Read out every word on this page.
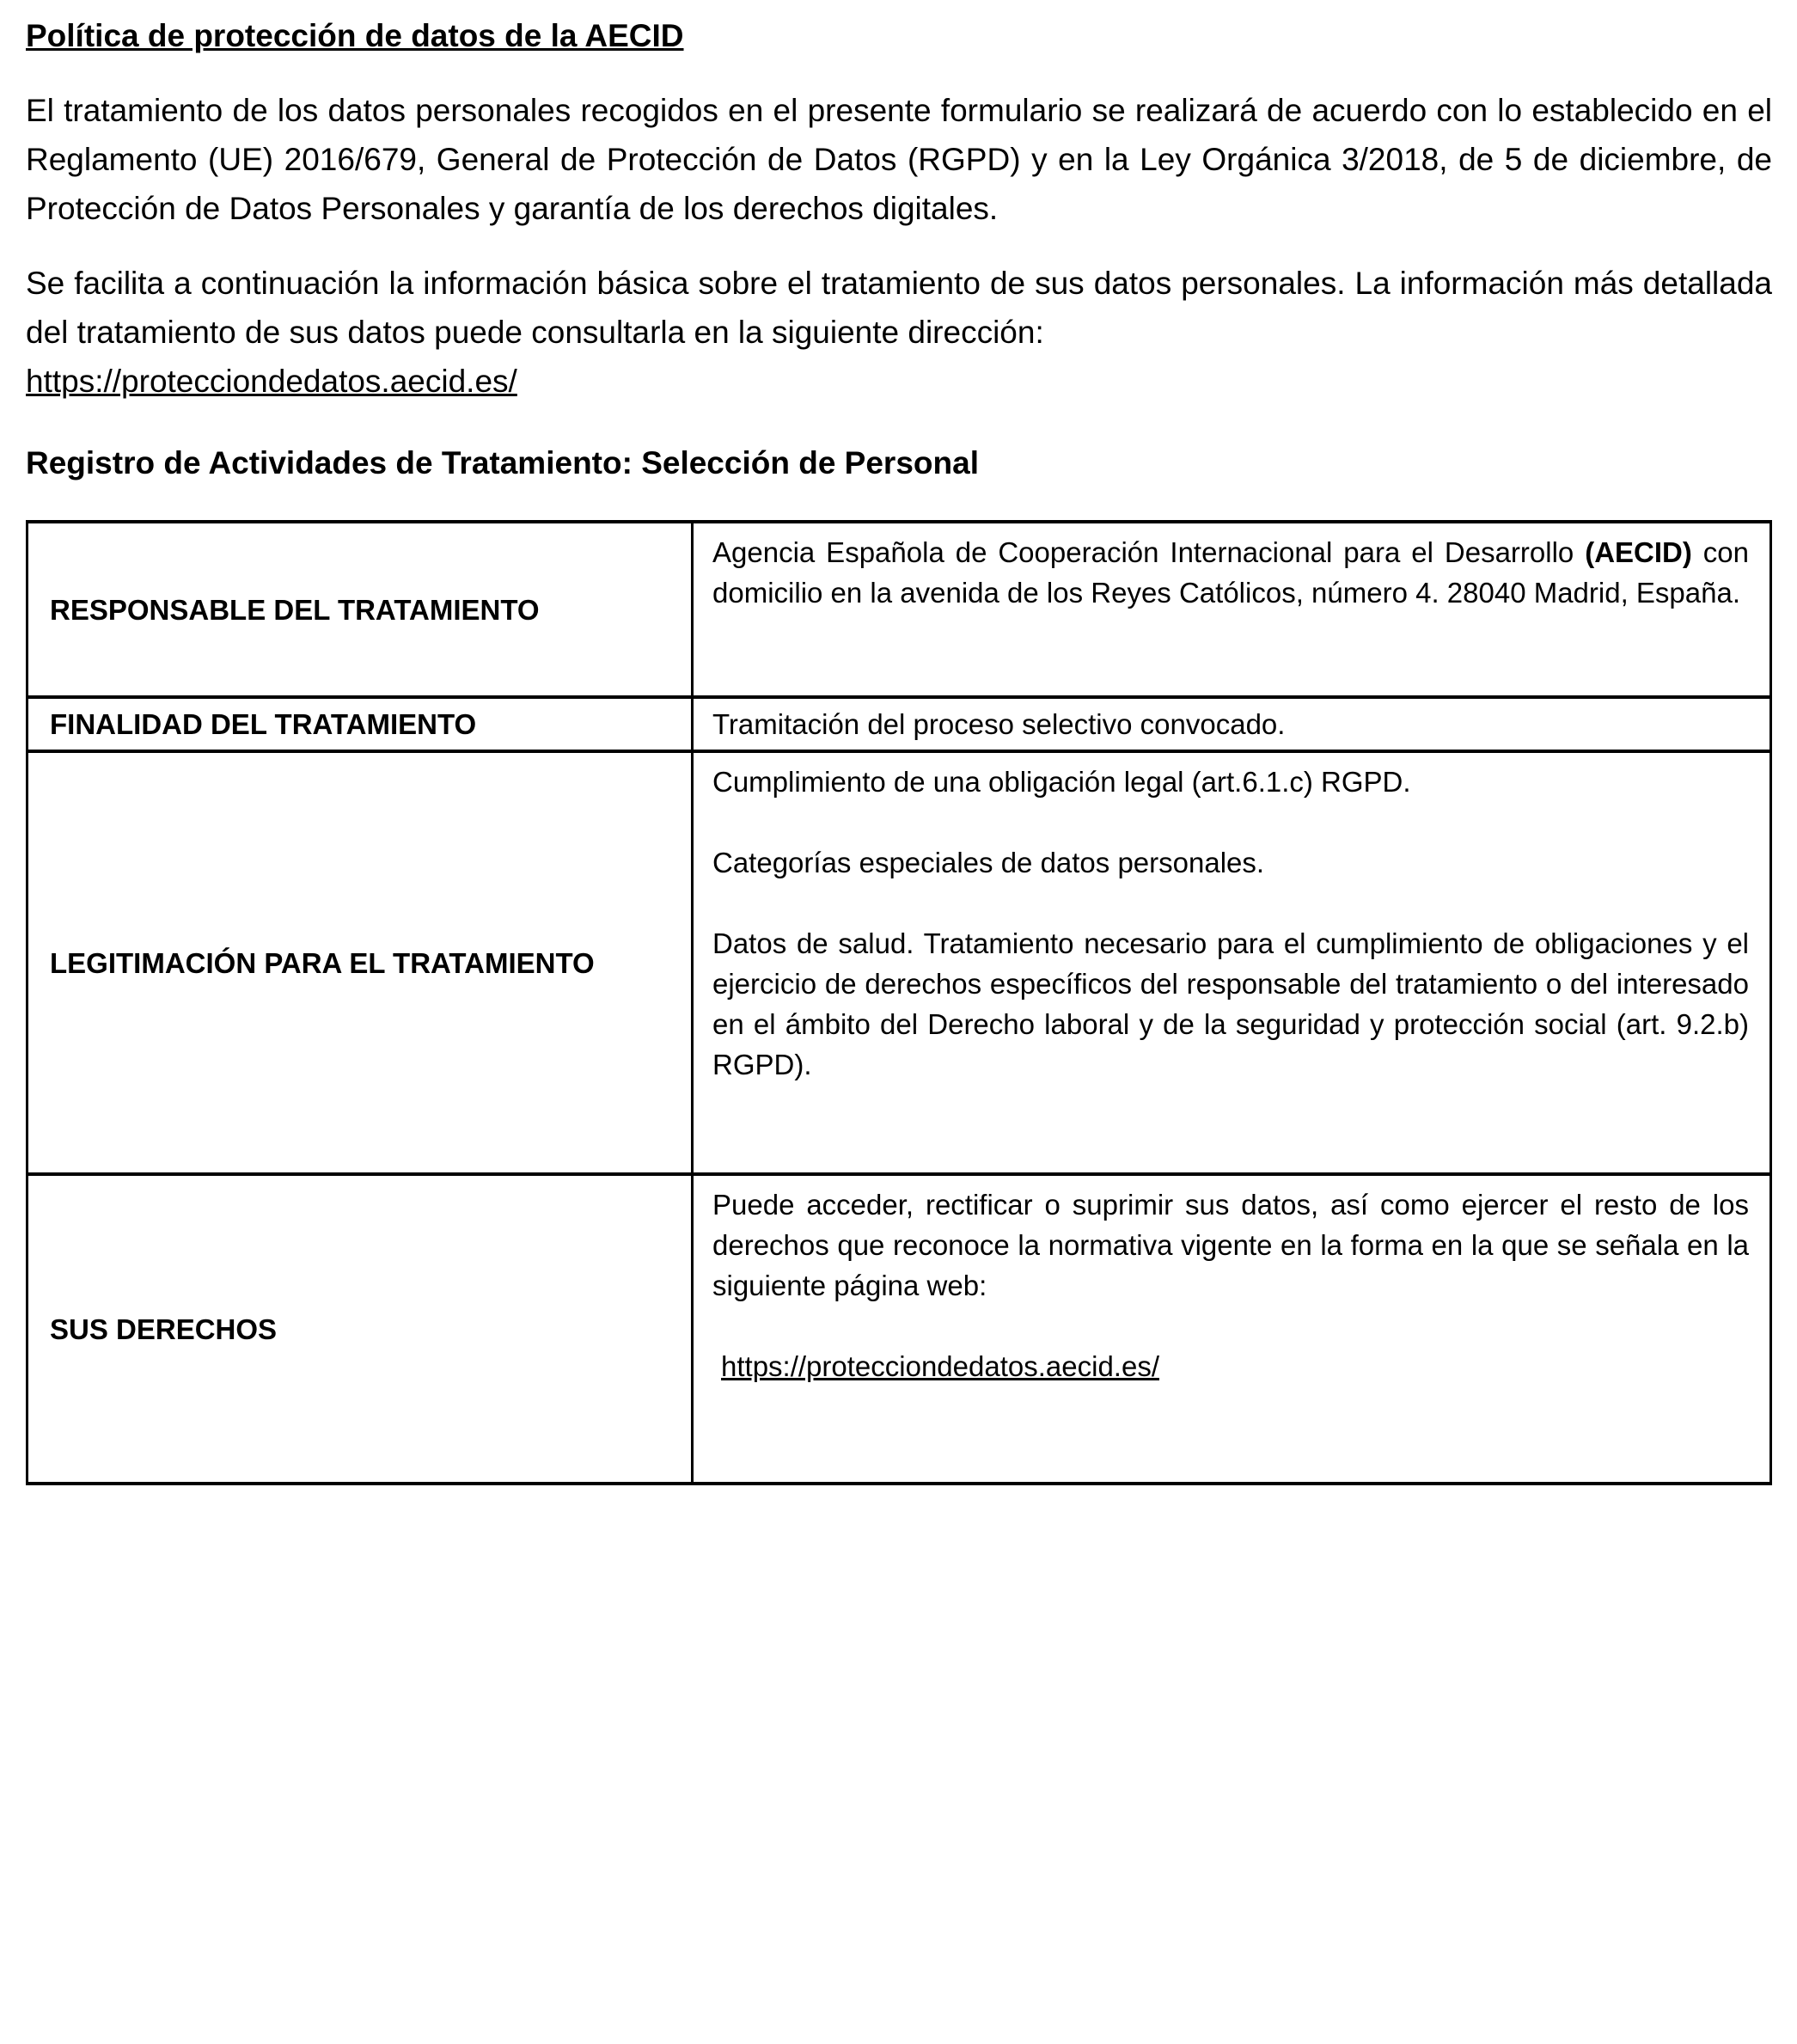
Política de protección de datos de la AECID

El tratamiento de los datos personales recogidos en el presente formulario se realizará de acuerdo con lo establecido en el Reglamento (UE) 2016/679, General de Protección de Datos (RGPD) y en la Ley Orgánica 3/2018, de 5 de diciembre, de Protección de Datos Personales y garantía de los derechos digitales.

Se facilita a continuación la información básica sobre el tratamiento de sus datos personales. La información más detallada del tratamiento de sus datos puede consultarla en la siguiente dirección:
https://protecciondedatos.aecid.es/

Registro de Actividades de Tratamiento: Selección de Personal
RESPONSABLE DEL TRATAMIENTO	Agencia Española de Cooperación Internacional para el Desarrollo (AECID) con domicilio en la avenida de los Reyes Católicos, número 4. 28040 Madrid, España.

FINALIDAD DEL TRATAMIENTO	Tramitación del proceso selectivo convocado.

LEGITIMACIÓN PARA EL TRATAMIENTO	Cumplimiento de una obligación legal (art.6.1.c) RGPD.

Categorías especiales de datos personales.

Datos de salud. Tratamiento necesario para el cumplimiento de obligaciones y el ejercicio de derechos específicos del responsable del tratamiento o del interesado en el ámbito del Derecho laboral y de la seguridad y protección social (art. 9.2.b) RGPD).

SUS DERECHOS	Puede acceder, rectificar o suprimir sus datos, así como ejercer el resto de los derechos que reconoce la normativa vigente en la forma en la que se señala en la siguiente página web:

https://protecciondedatos.aecid.es/
